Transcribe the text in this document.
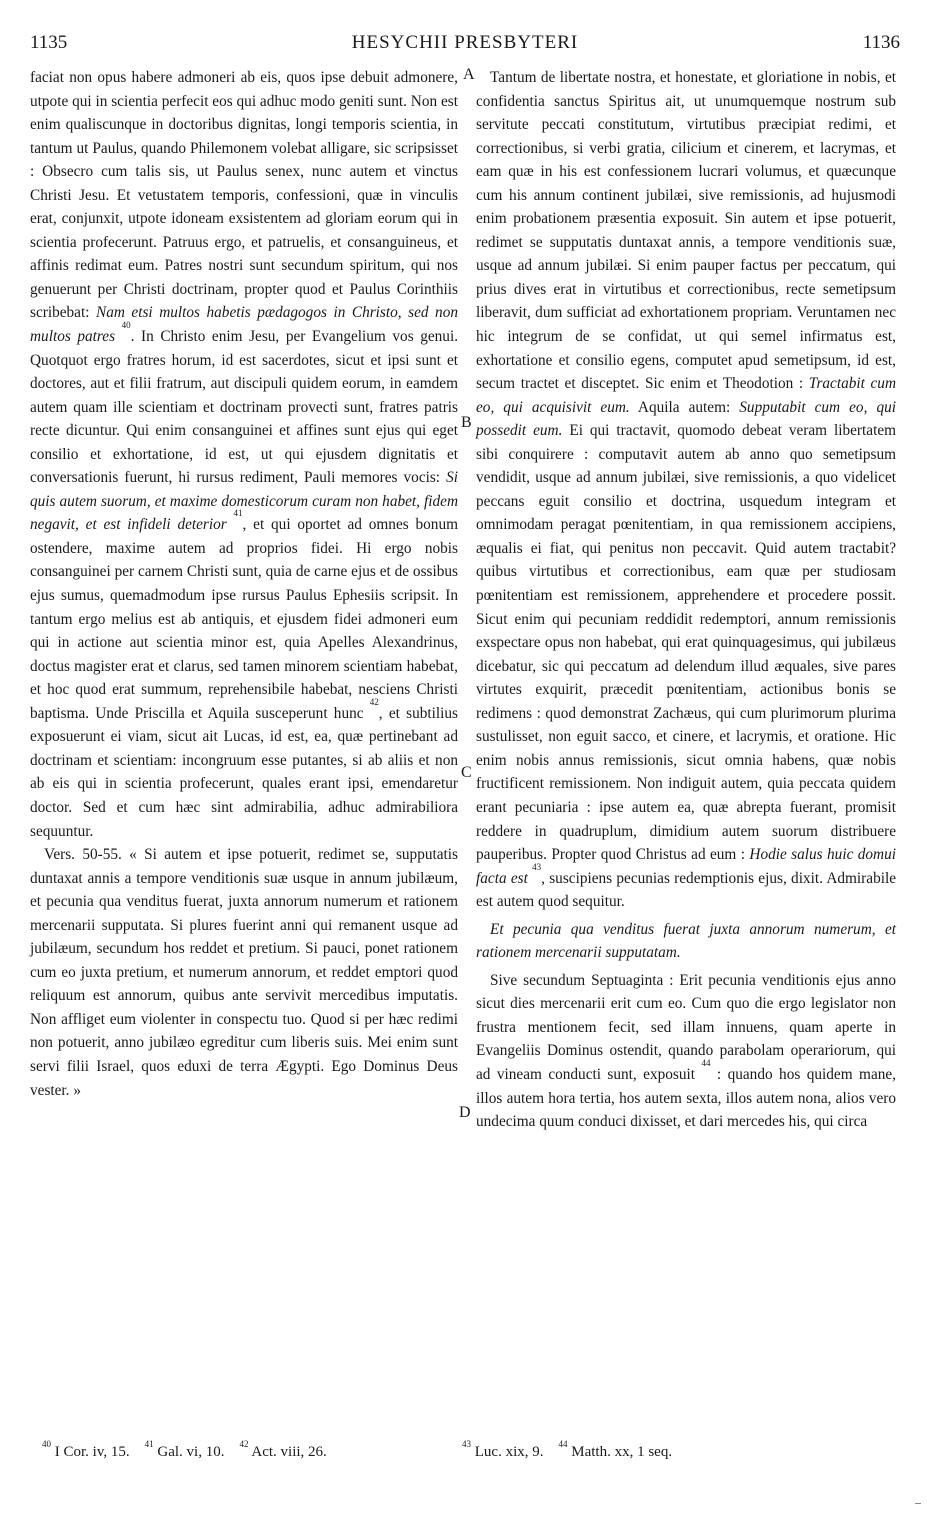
1135	HESYCHII PRESBYTERI	1136
A
B
C
D

faciat non opus habere admoneri ab eis, quos ipse debuit admonere, utpote qui in scientia perfecit eos qui adhuc modo geniti sunt. Non est enim qualiscunque in doctoribus dignitas, longi temporis scientia, in tantum ut Paulus, quando Philemonem volebat alligare, sic scripsisset : Obsecro cum talis sis, ut Paulus senex, nunc autem et vinctus Christi Jesu. Et vetustatem temporis, confessioni, quæ in vinculis erat, conjunxit, utpote idoneam exsistentem ad gloriam eorum qui in scientia profecerunt. Patruus ergo, et patruelis, et consanguineus, et affinis redimat eum. Patres nostri sunt secundum spiritum, qui nos genuerunt per Christi doctrinam, propter quod et Paulus Corinthiis scribebat: Nam etsi multos habetis pædagogos in Christo, sed non multos patres $^{40}$. In Christo enim Jesu, per Evangelium vos genui. Quotquot ergo fratres horum, id est sacerdotes, sicut et ipsi sunt et doctores, aut et filii fratrum, aut discipuli quidem eorum, in eamdem autem quam ille scientiam et doctrinam provecti sunt, fratres patris recte dicuntur. Qui enim consanguinei et affines sunt ejus qui eget consilio et exhortatione, id est, ut qui ejusdem dignitatis et conversationis fuerunt, hi rursus rediment, Pauli memores vocis: Si quis autem suorum, et maxime domesticorum curam non habet, fidem negavit, et est infideli deterior $^{41}$, et qui oportet ad omnes bonum ostendere, maxime autem ad proprios fidei. Hi ergo nobis consanguinei per carnem Christi sunt, quia de carne ejus et de ossibus ejus sumus, quemadmodum ipse rursus Paulus Ephesiis scripsit. In tantum ergo melius est ab antiquis, et ejusdem fidei admoneri eum qui in actione aut scientia minor est, quia Apelles Alexandrinus, doctus magister erat et clarus, sed tamen minorem scientiam habebat, et hoc quod erat summum, reprehensibile habebat, nesciens Christi baptisma. Unde Priscilla et Aquila susceperunt hunc $^{42}$, et subtilius exposuerunt ei viam, sicut ait Lucas, id est, ea, quæ pertinebant ad doctrinam et scientiam: incongruum esse putantes, si ab aliis et non ab eis qui in scientia profecerunt, quales erant ipsi, emendaretur doctor. Sed et cum hæc sint admirabilia, adhuc admirabiliora sequuntur.

Vers. 50-55. « Si autem et ipse potuerit, redimet se, supputatis duntaxat annis a tempore venditionis suæ usque in annum jubilæum, et pecunia qua venditus fuerat, juxta annorum numerum et rationem mercenarii supputata. Si plures fuerint anni qui remanent usque ad jubilæum, secundum hos reddet et pretium. Si pauci, ponet rationem cum eo juxta pretium, et numerum annorum, et reddet emptori quod reliquum est annorum, quibus ante servivit mercedibus imputatis. Non affliget eum violenter in conspectu tuo. Quod si per hæc redimi non potuerit, anno jubilæo egreditur cum liberis suis. Mei enim sunt servi filii Israel, quos eduxi de terra Ægypti. Ego Dominus Deus vester. »

Tantum de libertate nostra, et honestate, et gloriatione in nobis, et confidentia sanctus Spiritus ait, ut unumquemque nostrum sub servitute peccati constitutum, virtutibus præcipiat redimi, et correctionibus, si verbi gratia, cilicium et cinerem, et lacrymas, et eam quæ in his est confessionem lucrari volumus, et quæcunque cum his annum continent jubilæi, sive remissionis, ad hujusmodi enim probationem præsentia exposuit. Sin autem et ipse potuerit, redimet se supputatis duntaxat annis, a tempore venditionis suæ, usque ad annum jubilæi. Si enim pauper factus per peccatum, qui prius dives erat in virtutibus et correctionibus, recte semetipsum liberavit, dum sufficiat ad exhortationem propriam. Veruntamen nec hic integrum de se confidat, ut qui semel infirmatus est, exhortatione et consilio egens, computet apud semetipsum, id est, secum tractet et disceptet. Sic enim et Theodotion : Tractabit cum eo, qui acquisivit eum. Aquila autem: Supputabit cum eo, qui possedit eum. Ei qui tractavit, quomodo debeat veram libertatem sibi conquirere : computavit autem ab anno quo semetipsum vendidit, usque ad annum jubilæi, sive remissionis, a quo videlicet peccans eguit consilio et doctrina, usquedum integram et omnimodam peragat pœnitentiam, in qua remissionem accipiens, æqualis ei fiat, qui penitus non peccavit. Quid autem tractabit? quibus virtutibus et correctionibus, eam quæ per studiosam pœnitentiam est remissionem, apprehendere et procedere possit. Sicut enim qui pecuniam reddidit redemptori, annum remissionis exspectare opus non habebat, qui erat quinquagesimus, qui jubilæus dicebatur, sic qui peccatum ad delendum illud æquales, sive pares virtutes exquirit, præcedit pœnitentiam, actionibus bonis se redimens : quod demonstrat Zachæus, qui cum plurimorum plurima sustulisset, non eguit sacco, et cinere, et lacrymis, et oratione. Hic enim nobis annus remissionis, sicut omnia habens, quæ nobis fructificent remissionem. Non indiguit autem, quia peccata quidem erant pecuniaria : ipse autem ea, quæ abrepta fuerant, promisit reddere in quadruplum, dimidium autem suorum distribuere pauperibus. Propter quod Christus ad eum : Hodie salus huic domui facta est $^{43}$, suscipiens pecunias redemptionis ejus, dixit. Admirabile est autem quod sequitur.

Et pecunia qua venditus fuerat juxta annorum numerum, et rationem mercenarii supputatam.

Sive secundum Septuaginta : Erit pecunia venditionis ejus anno sicut dies mercenarii erit cum eo. Cum quo die ergo legislator non frustra mentionem fecit, sed illam innuens, quam aperte in Evangeliis Dominus ostendit, quando parabolam operariorum, qui ad vineam conducti sunt, exposuit $^{44}$ : quando hos quidem mane, illos autem hora tertia, hos autem sexta, illos autem nona, alios vero undecima quum conduci dixisset, et dari mercedes his, qui circa

$^{40}$ I Cor. iv, 15. $^{41}$ Gal. vi, 10. $^{42}$ Act. viii, 26.	$^{43}$ Luc. xix, 9. $^{44}$ Matth. xx, 1 seq.
